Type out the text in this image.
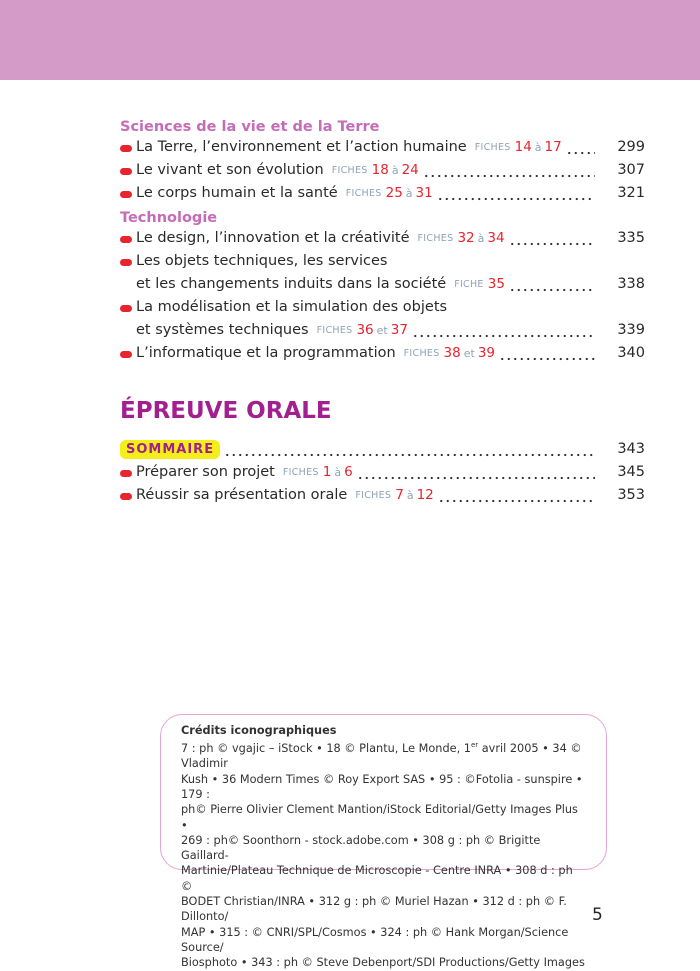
Sciences de la vie et de la Terre
La Terre, l’environnement et l’action humaine FICHES 14 à 17	299
Le vivant et son évolution FICHES 18 à 24	307
Le corps humain et la santé FICHES 25 à 31	321
Technologie
Le design, l’innovation et la créativité FICHES 32 à 34	335
Les objets techniques, les services
et les changements induits dans la société FICHE 35	338
La modélisation et la simulation des objets
et systèmes techniques FICHES 36 et 37	339
L’informatique et la programmation FICHES 38 et 39	340
ÉPREUVE ORALE
SOMMAIRE	343
Préparer son projet FICHES 1 à 6	345
Réussir sa présentation orale FICHES 7 à 12	353
Crédits iconographiques
7 : ph © vgajic – iStock • 18 © Plantu, Le Monde, 1er avril 2005 • 34 © Vladimir
Kush • 36 Modern Times © Roy Export SAS • 95 : ©Fotolia - sunspire • 179 :
ph© Pierre Olivier Clement Mantion/iStock Editorial/Getty Images Plus •
269 : ph© Soonthorn - stock.adobe.com • 308 g : ph © Brigitte Gaillard-
Martinie/Plateau Technique de Microscopie - Centre INRA • 308 d : ph ©
BODET Christian/INRA • 312 g : ph © Muriel Hazan • 312 d : ph © F. Dillonto/
MAP • 315 : © CNRI/SPL/Cosmos • 324 : ph © Hank Morgan/Science Source/
Biosphoto • 343 : ph © Steve Debenport/SDI Productions/Getty Images
5
